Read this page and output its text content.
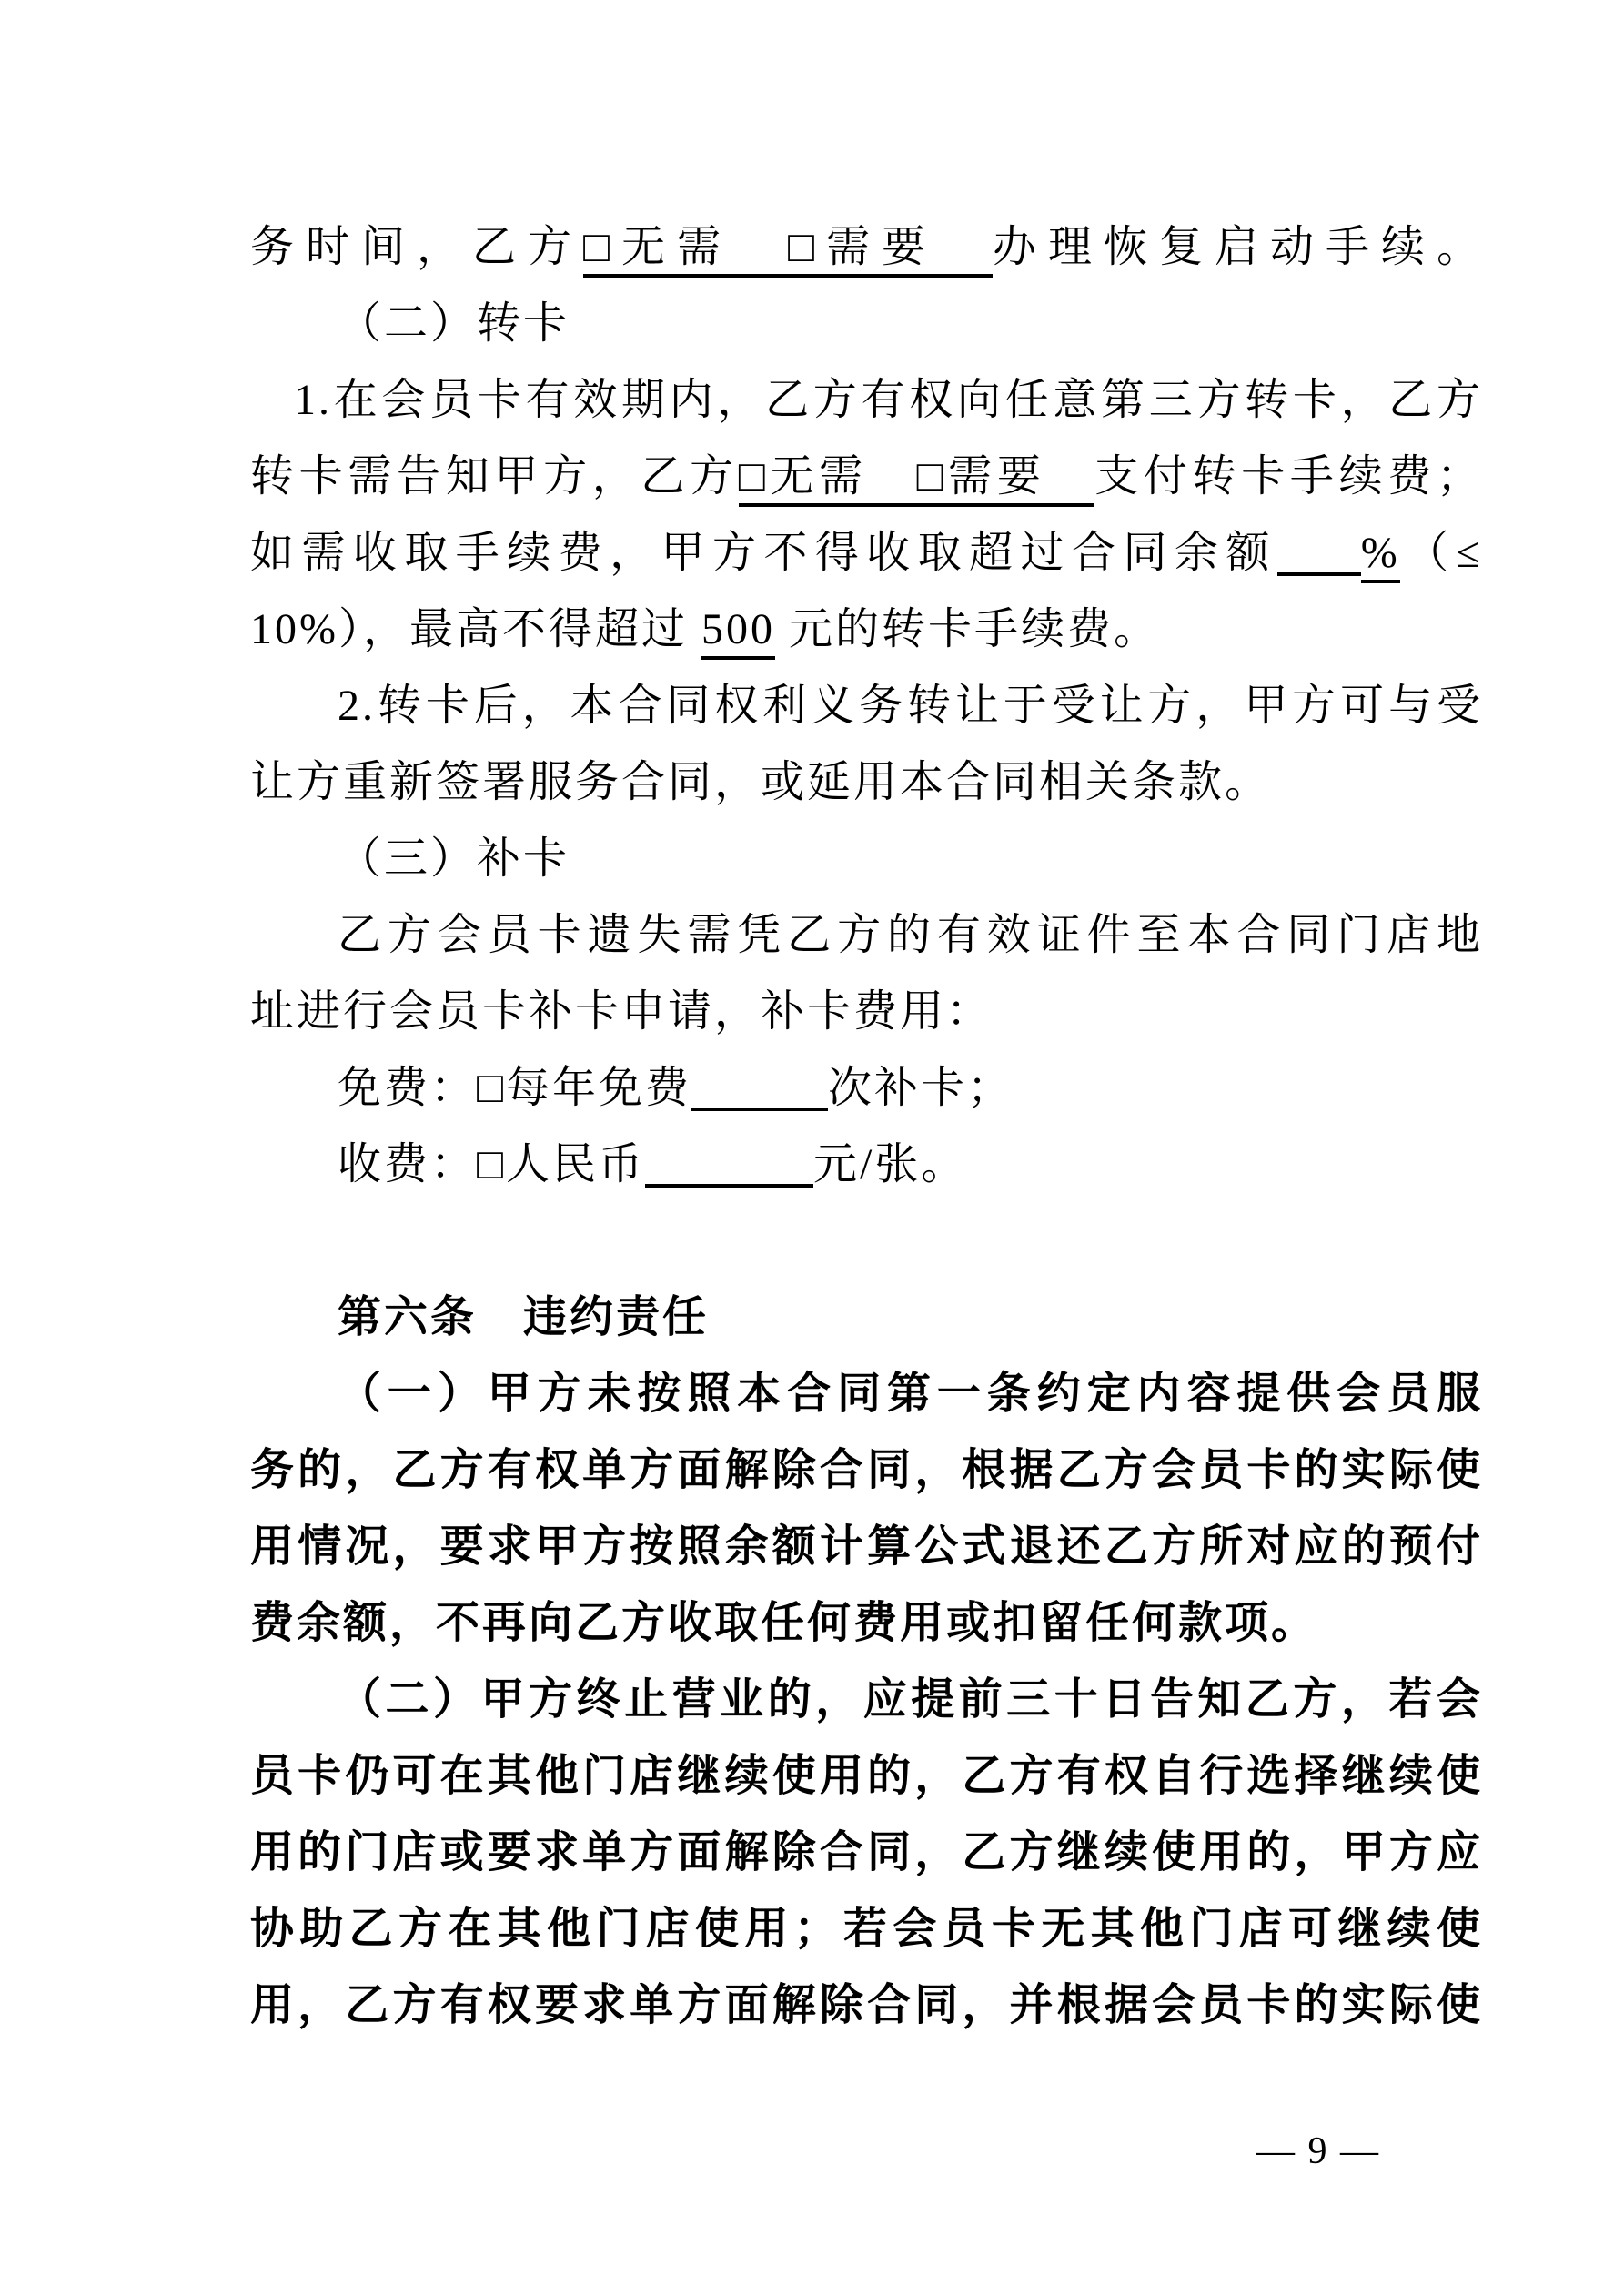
务时间，乙方□无需　□需要　办理恢复启动手续。
（二）转卡
1.在会员卡有效期内，乙方有权向任意第三方转卡，乙方
转卡需告知甲方，乙方□无需　□需要　支付转卡手续费；
如需收取手续费，甲方不得收取超过合同余额 %（≤
10%），最高不得超过 500 元的转卡手续费。
2.转卡后，本合同权利义务转让于受让方，甲方可与受
让方重新签署服务合同，或延用本合同相关条款。
（三）补卡
乙方会员卡遗失需凭乙方的有效证件至本合同门店地
址进行会员卡补卡申请，补卡费用：
免费：□每年免费	次补卡；
收费：□人民币	元/张。
第六条　违约责任
（一）甲方未按照本合同第一条约定内容提供会员服
务的，乙方有权单方面解除合同，根据乙方会员卡的实际使
用情况，要求甲方按照余额计算公式退还乙方所对应的预付
费余额，不再向乙方收取任何费用或扣留任何款项。
（二）甲方终止营业的，应提前三十日告知乙方，若会
员卡仍可在其他门店继续使用的，乙方有权自行选择继续使
用的门店或要求单方面解除合同，乙方继续使用的，甲方应
协助乙方在其他门店使用；若会员卡无其他门店可继续使
用，乙方有权要求单方面解除合同，并根据会员卡的实际使
— 9 —
